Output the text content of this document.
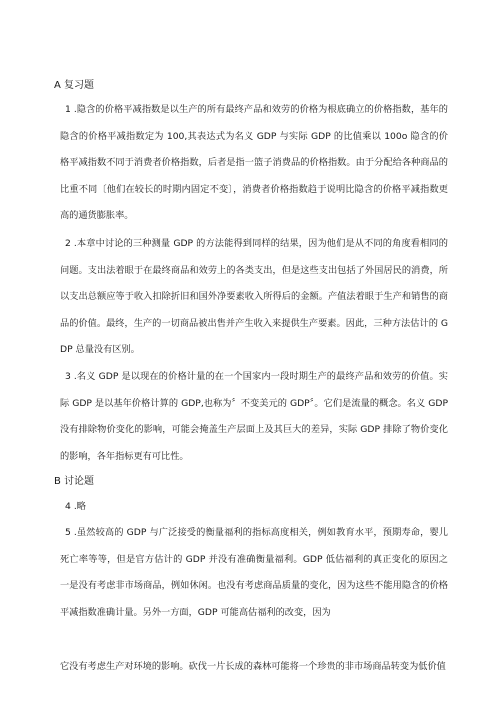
A 复习题

1 .隐含的价格平减指数是以生产的所有最终产品和效劳的价格为根底确立的价格指数，基年的隐含的价格平减指数定为 100,其表达式为名义 GDP 与实际 GDP 的比值乘以 100o 隐含的价格平减指数不同于消费者价格指数，后者是指一篮子消费品的价格指数。由于分配给各种商品的比重不同〔他们在较长的时期内固定不变〕，消费者价格指数趋于说明比隐含的价格平减指数更高的通货膨胀率。

2 .本章中讨论的三种测量 GDP 的方法能得到同样的结果，因为他们是从不同的角度看相同的问题。支出法着眼于在最终商品和效劳上的各类支出，但是这些支出包括了外国居民的消费，所以支出总额应等于收入扣除折旧和国外净要素收入所得后的金额。产值法着眼于生产和销售的商品的价值。最终，生产的一切商品被出售并产生收入来提供生产要素。因此，三种方法估计的 GDP 总量没有区别。

3 .名义 GDP 是以现在的价格计量的在一个国家内一段时期生产的最终产品和效劳的价值。实际 GDP 是以基年价格计算的 GDP,也称为〞不变美元的 GDP〞。它们是流量的概念。名义 GDP 没有排除物价变化的影响，可能会掩盖生产层面上及其巨大的差异，实际 GDP 排除了物价变化的影响，各年指标更有可比性。

B 讨论题

4 .略

5 .虽然较高的 GDP 与广泛接受的衡量福利的指标高度相关，例如教育水平，预期寿命，婴儿死亡率等等，但是官方估计的 GDP 并没有准确衡量福利。GDP 低估福利的真正变化的原因之一是没有考虑非市场商品，例如休闲。也没有考虑商品质量的变化，因为这些不能用隐含的价格平减指数准确计量。另外一方面，GDP 可能高估福利的改变，因为

它没有考虑生产对环境的影响。砍伐一片长成的森林可能将一个珍贵的非市场商品转变为低价值
